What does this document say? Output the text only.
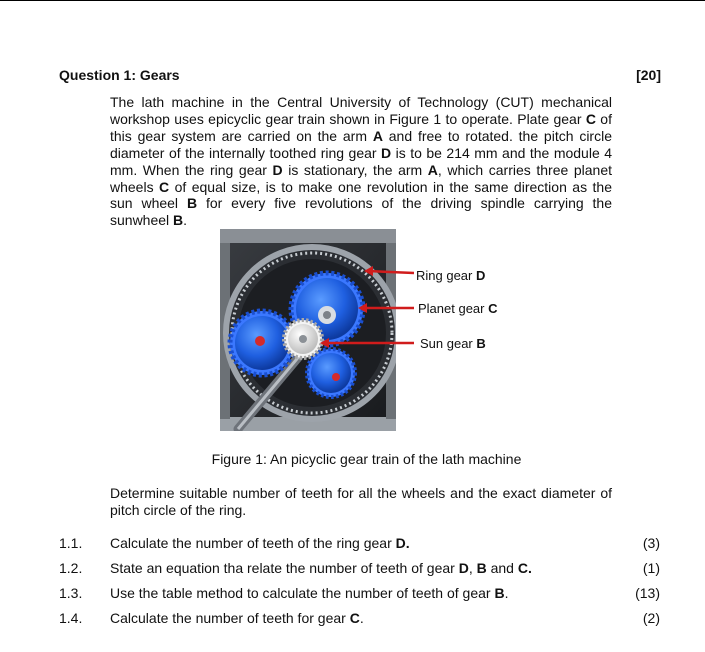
Question 1: Gears	[20]

The lath machine in the Central University of Technology (CUT) mechanical workshop uses epicyclic gear train shown in Figure 1 to operate. Plate gear C of this gear system are carried on the arm A and free to rotated. the pitch circle diameter of the internally toothed ring gear D is to be 214 mm and the module 4 mm. When the ring gear D is stationary, the arm A, which carries three planet wheels C of equal size, is to make one revolution in the same direction as the sun wheel B for every five revolutions of the driving spindle carrying the sunwheel B.

Ring gear D
Planet gear C
Sun gear B
Figure 1: An picyclic gear train of the lath machine

Determine suitable number of teeth for all the wheels and the exact diameter of pitch circle of the ring.

1.1. Calculate the number of teeth of the ring gear D.	(3)
1.2. State an equation tha relate the number of teeth of gear D, B and C.	(1)
1.3. Use the table method to calculate the number of teeth of gear B.	(13)
1.4. Calculate the number of teeth for gear C.	(2)
